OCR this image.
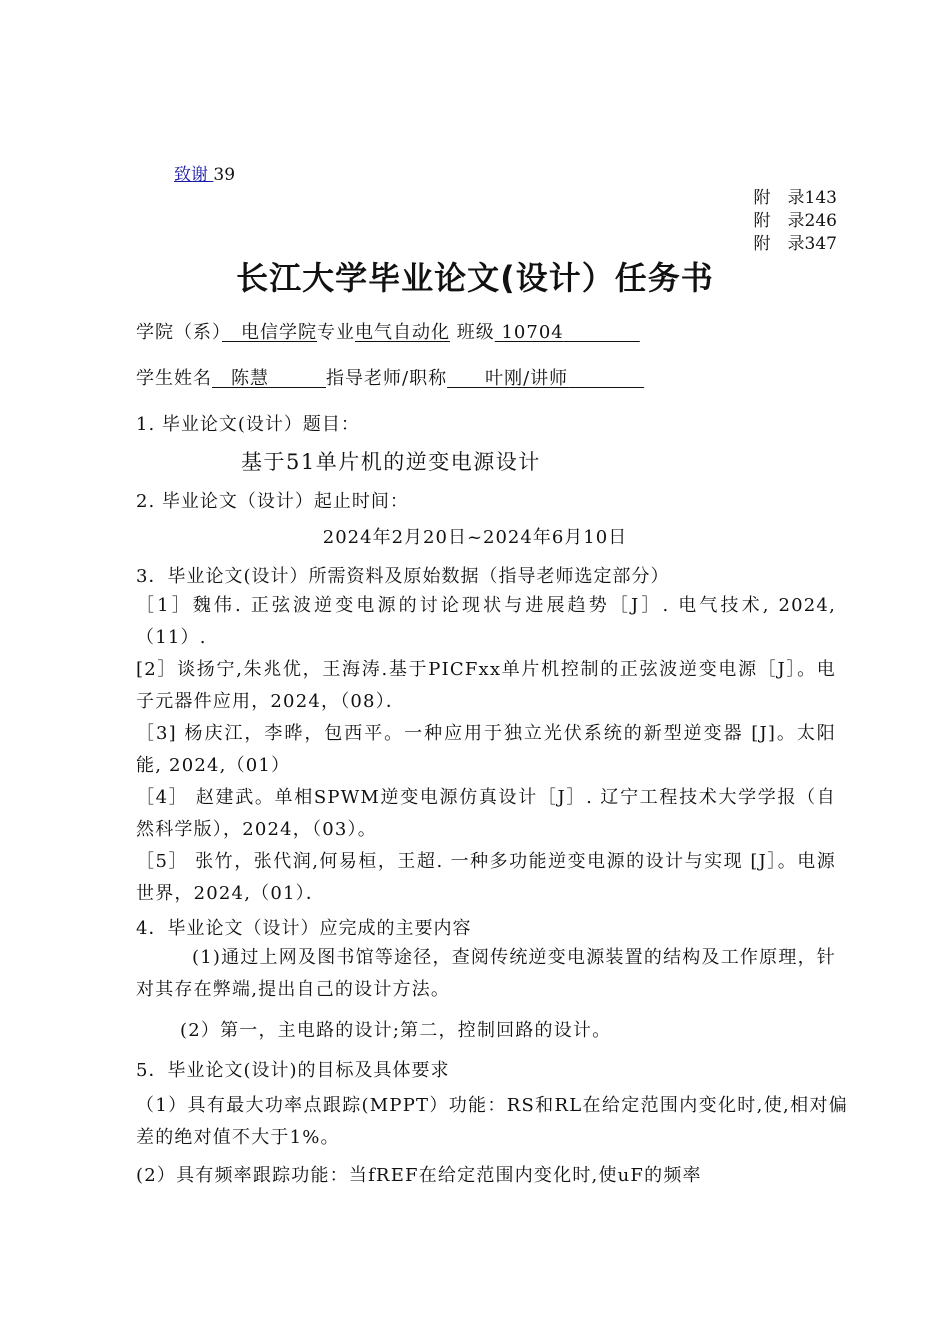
致谢 39
附　录143
附　录246
附　录347
长江大学毕业论文(设计）任务书
学院（系）　 电信学院专业电气自动化 班级 10704　　　　
学生姓名　 陈慧　　　	指导老师/职称　　 叶刚/讲师　　　　
1. 毕业论文(设计）题目：
基于51单片机的逆变电源设计
2. 毕业论文（设计）起止时间：
2024年2月20日~2024年6月10日
3．毕业论文(设计）所需资料及原始数据（指导老师选定部分）
［1］魏伟. 正弦波逆变电源的讨论现状与进展趋势［J］. 电气技术, 2024, （11）.
[2］谈扬宁,朱兆优，王海涛.基于PICFxx单片机控制的正弦波逆变电源［J］。电子元器件应用，2024，（08）．
［3] 杨庆江，李晔，包西平。一种应用于独立光伏系统的新型逆变器 [J]。太阳能, 2024,（01）
［4］ 赵建武。单相SPWM逆变电源仿真设计［J］. 辽宁工程技术大学学报（自然科学版），2024，（03）。
［5］ 张竹，张代润,何易桓，王超. 一种多功能逆变电源的设计与实现 [J］。电源世界，2024,（01）．
4．毕业论文（设计）应完成的主要内容
(1)通过上网及图书馆等途径，查阅传统逆变电源装置的结构及工作原理，针对其存在弊端,提出自己的设计方法。
(2）第一，主电路的设计;第二，控制回路的设计。
5．毕业论文(设计)的目标及具体要求
（1）具有最大功率点跟踪(MPPT）功能：RS和RL在给定范围内变化时,使,相对偏差的绝对值不大于1%。
(2）具有频率跟踪功能：当fREF在给定范围内变化时,使uF的频率
